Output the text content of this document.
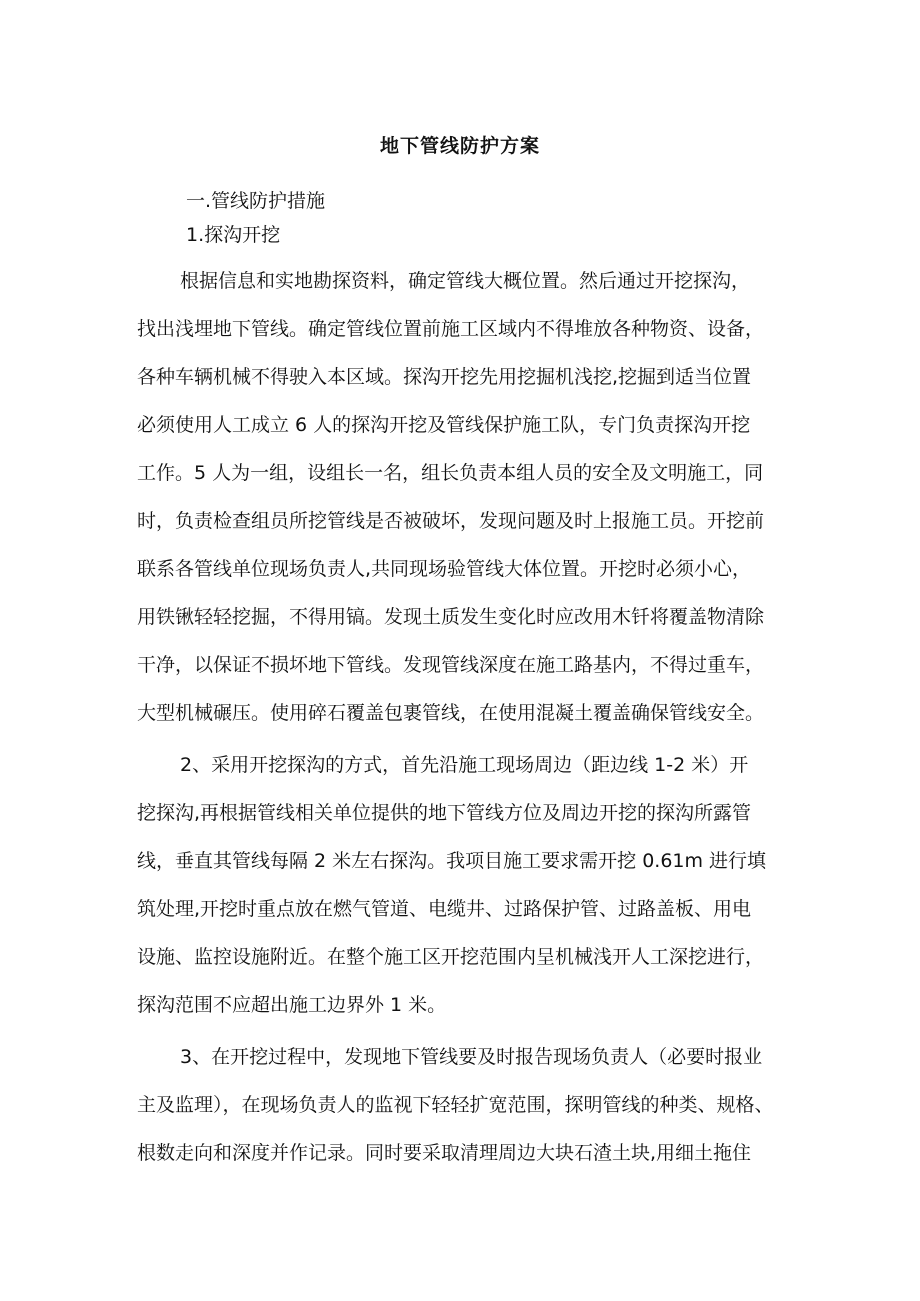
地下管线防护方案
一.管线防护措施
1.探沟开挖
根据信息和实地勘探资料，确定管线大概位置。然后通过开挖探沟，
找出浅埋地下管线。确定管线位置前施工区域内不得堆放各种物资、设备，
各种车辆机械不得驶入本区域。探沟开挖先用挖掘机浅挖,挖掘到适当位置
必须使用人工成立 6 人的探沟开挖及管线保护施工队，专门负责探沟开挖
工作。5 人为一组，设组长一名，组长负责本组人员的安全及文明施工，同
时，负责检查组员所挖管线是否被破坏，发现问题及时上报施工员。开挖前
联系各管线单位现场负责人,共同现场验管线大体位置。开挖时必须小心，
用铁锹轻轻挖掘，不得用镐。发现土质发生变化时应改用木钎将覆盖物清除
干净，以保证不损坏地下管线。发现管线深度在施工路基内，不得过重车，
大型机械碾压。使用碎石覆盖包裹管线，在使用混凝土覆盖确保管线安全。
2、采用开挖探沟的方式，首先沿施工现场周边（距边线 1-2 米）开
挖探沟,再根据管线相关单位提供的地下管线方位及周边开挖的探沟所露管
线，垂直其管线每隔 2 米左右探沟。我项目施工要求需开挖 0.61m 进行填
筑处理,开挖时重点放在燃气管道、电缆井、过路保护管、过路盖板、用电
设施、监控设施附近。在整个施工区开挖范围内呈机械浅开人工深挖进行，
探沟范围不应超出施工边界外 1 米。
3、在开挖过程中，发现地下管线要及时报告现场负责人（必要时报业
主及监理），在现场负责人的监视下轻轻扩宽范围，探明管线的种类、规格、
根数走向和深度并作记录。同时要采取清理周边大块石渣土块,用细土拖住
